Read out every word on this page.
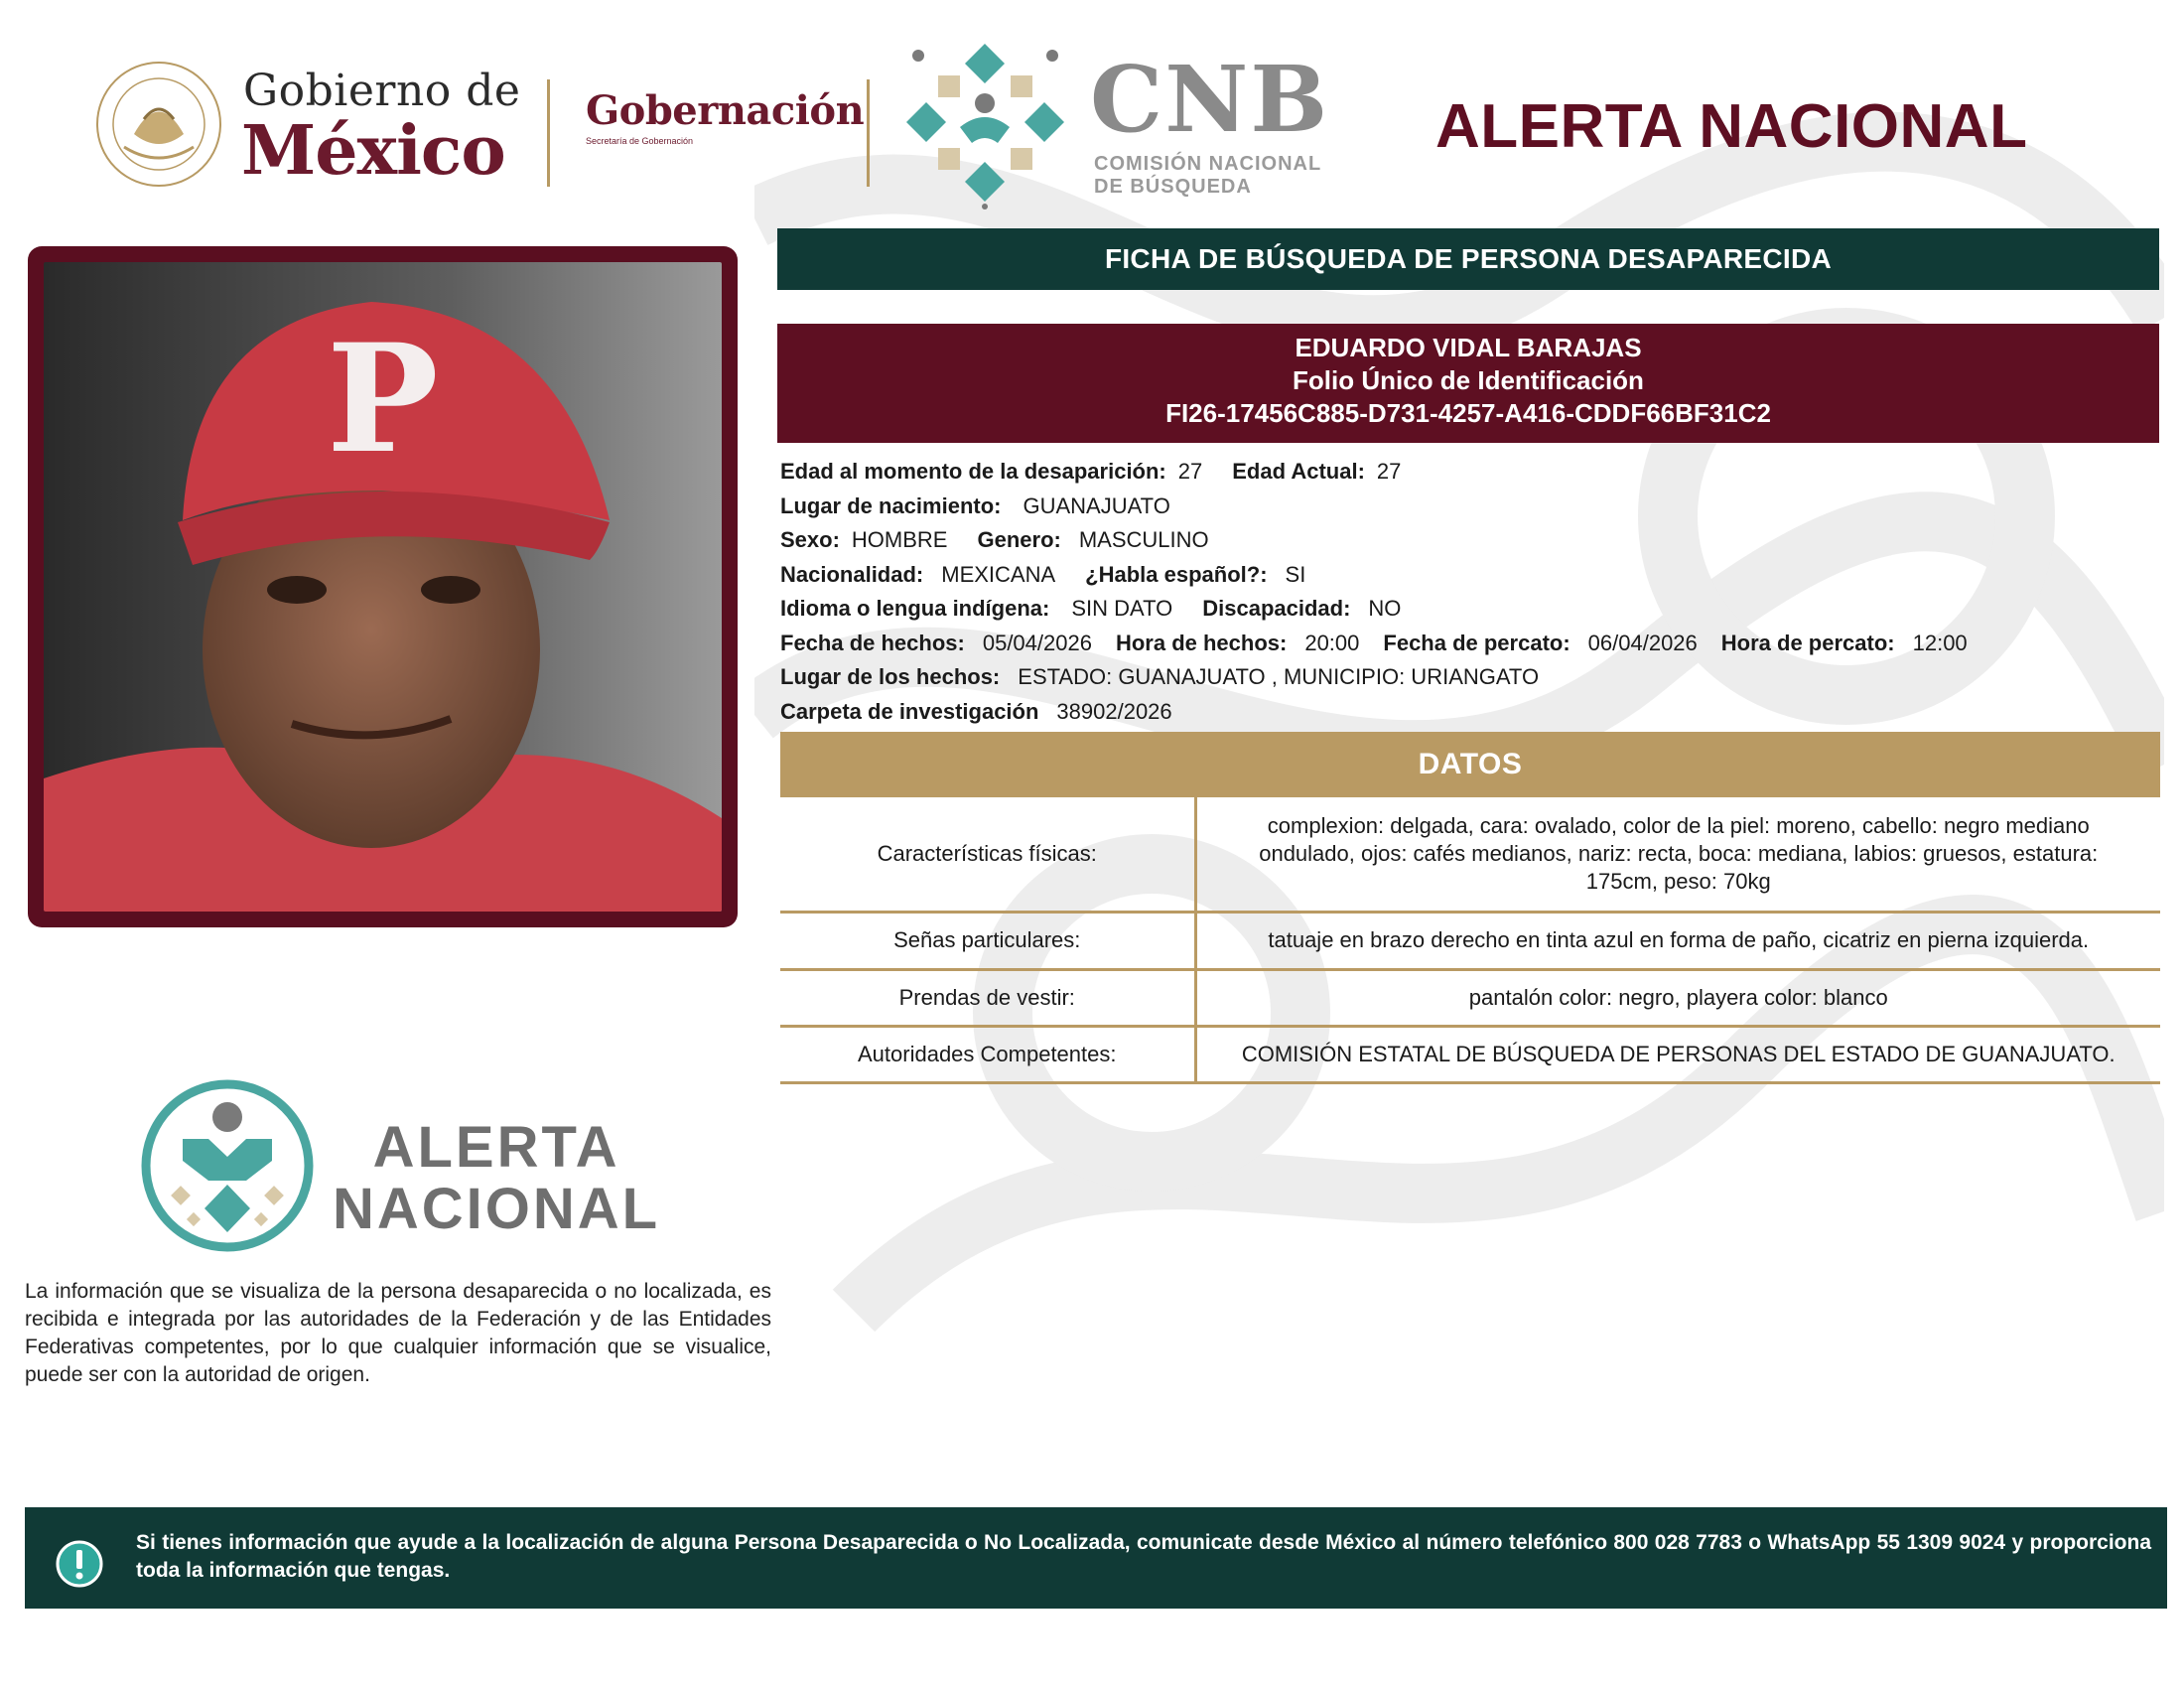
Gobierno de
México
Gobernación
Secretaría de Gobernación	CNB
COMISIÓN NACIONAL
DE BÚSQUEDA
ALERTA NACIONAL
P
FICHA DE BÚSQUEDA DE PERSONA DESAPARECIDA
EDUARDO VIDAL BARAJAS
Folio Único de Identificación
FI26-17456C885-D731-4257-A416-CDDF66BF31C2
Edad al momento de la desaparición: 27 Edad Actual: 27
Lugar de nacimiento: GUANAJUATO
Sexo: HOMBRE Genero: MASCULINO
Nacionalidad: MEXICANA ¿Habla español?: SI
Idioma o lengua indígena: SIN DATO Discapacidad: NO
Fecha de hechos: 05/04/2026 Hora de hechos: 20:00 Fecha de percato: 06/04/2026 Hora de percato: 12:00
Lugar de los hechos: ESTADO: GUANAJUATO , MUNICIPIO: URIANGATO
Carpeta de investigación 38902/2026
DATOS
Características físicas:	complexion: delgada, cara: ovalado, color de la piel: moreno, cabello: negro mediano ondulado, ojos: cafés medianos, nariz: recta, boca: mediana, labios: gruesos, estatura: 175cm, peso: 70kg
Señas particulares:	tatuaje en brazo derecho en tinta azul en forma de paño, cicatriz en pierna izquierda.
Prendas de vestir:	pantalón color: negro, playera color: blanco
Autoridades Competentes:	COMISIÓN ESTATAL DE BÚSQUEDA DE PERSONAS DEL ESTADO DE GUANAJUATO.
ALERTA
NACIONAL
La información que se visualiza de la persona desaparecida o no localizada, es recibida e integrada por las autoridades de la Federación y de las Entidades Federativas competentes, por lo que cualquier información que se visualice, puede ser con la autoridad de origen.
Si tienes información que ayude a la localización de alguna Persona Desaparecida o No Localizada, comunicate desde México al número telefónico 800 028 7783 o WhatsApp 55 1309 9024 y proporciona toda la información que tengas.
